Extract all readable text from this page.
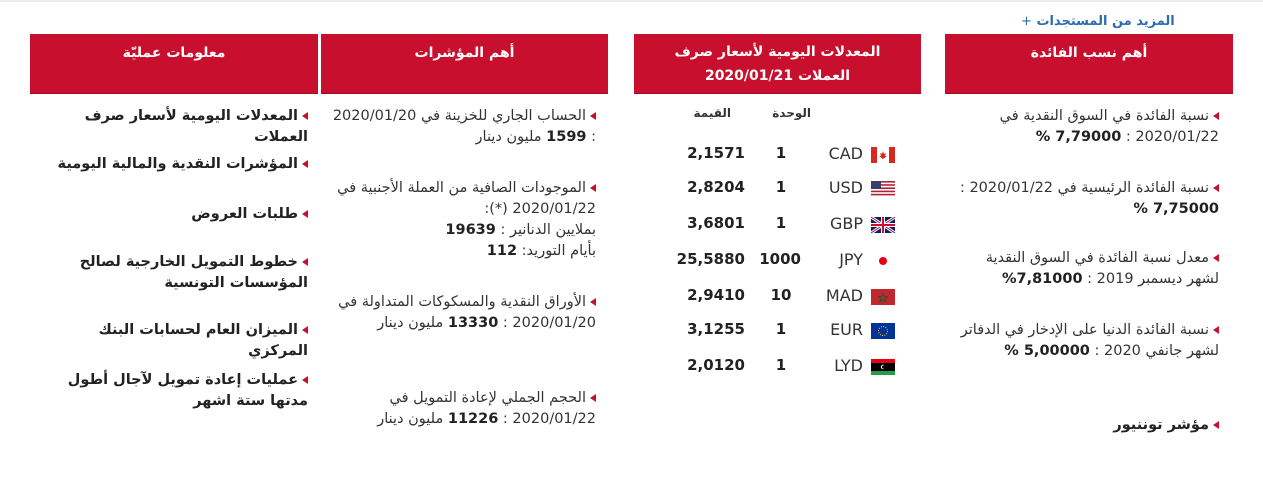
+ المزيد من المستجدات
أهم نسب الفائدة
نسبة الفائدة في السوق النقدية في 2020/01/22 : 7,79000 %
نسبة الفائدة الرئيسية في 2020/01/22 : 7,75000 %
معدل نسبة الفائدة في السوق النقدية لشهر ديسمبر 2019 : 7,81000%
نسبة الفائدة الدنيا على الإدخار في الدفاتر لشهر جانفي 2020 : 5,00000 %
مؤشر توننيور
المعدلات اليومية لأسعار صرف
العملات 2020/01/21
الوحدة
القيمة
CAD
1
2,1571
USD
1
2,8204
GBP
1
3,6801
JPY
1000
25,5880
MAD
10
2,9410
EUR
1
3,1255
LYD
1
2,0120
أهم المؤشرات
الحساب الجاري للخزينة في 2020/01/20 : 1599 مليون دينار
الموجودات الصافية من العملة الأجنبية في 2020/01/22 (*):
بملايين الدنانير : 19639
بأيام التوريد: 112
الأوراق النقدية والمسكوكات المتداولة في 2020/01/20 : 13330 مليون دينار
الحجم الجملي لإعادة التمويل في 2020/01/22 : 11226 مليون دينار
معلومات عمليّة
المعدلات اليومية لأسعار صرف العملات
المؤشرات النقدية والمالية اليومية
طلبات العروض
خطوط التمويل الخارجية لصالح المؤسسات التونسية
الميزان العام لحسابات البنك المركزي
عمليات إعادة تمويل لآجال أطول مدتها ستة اشهر
